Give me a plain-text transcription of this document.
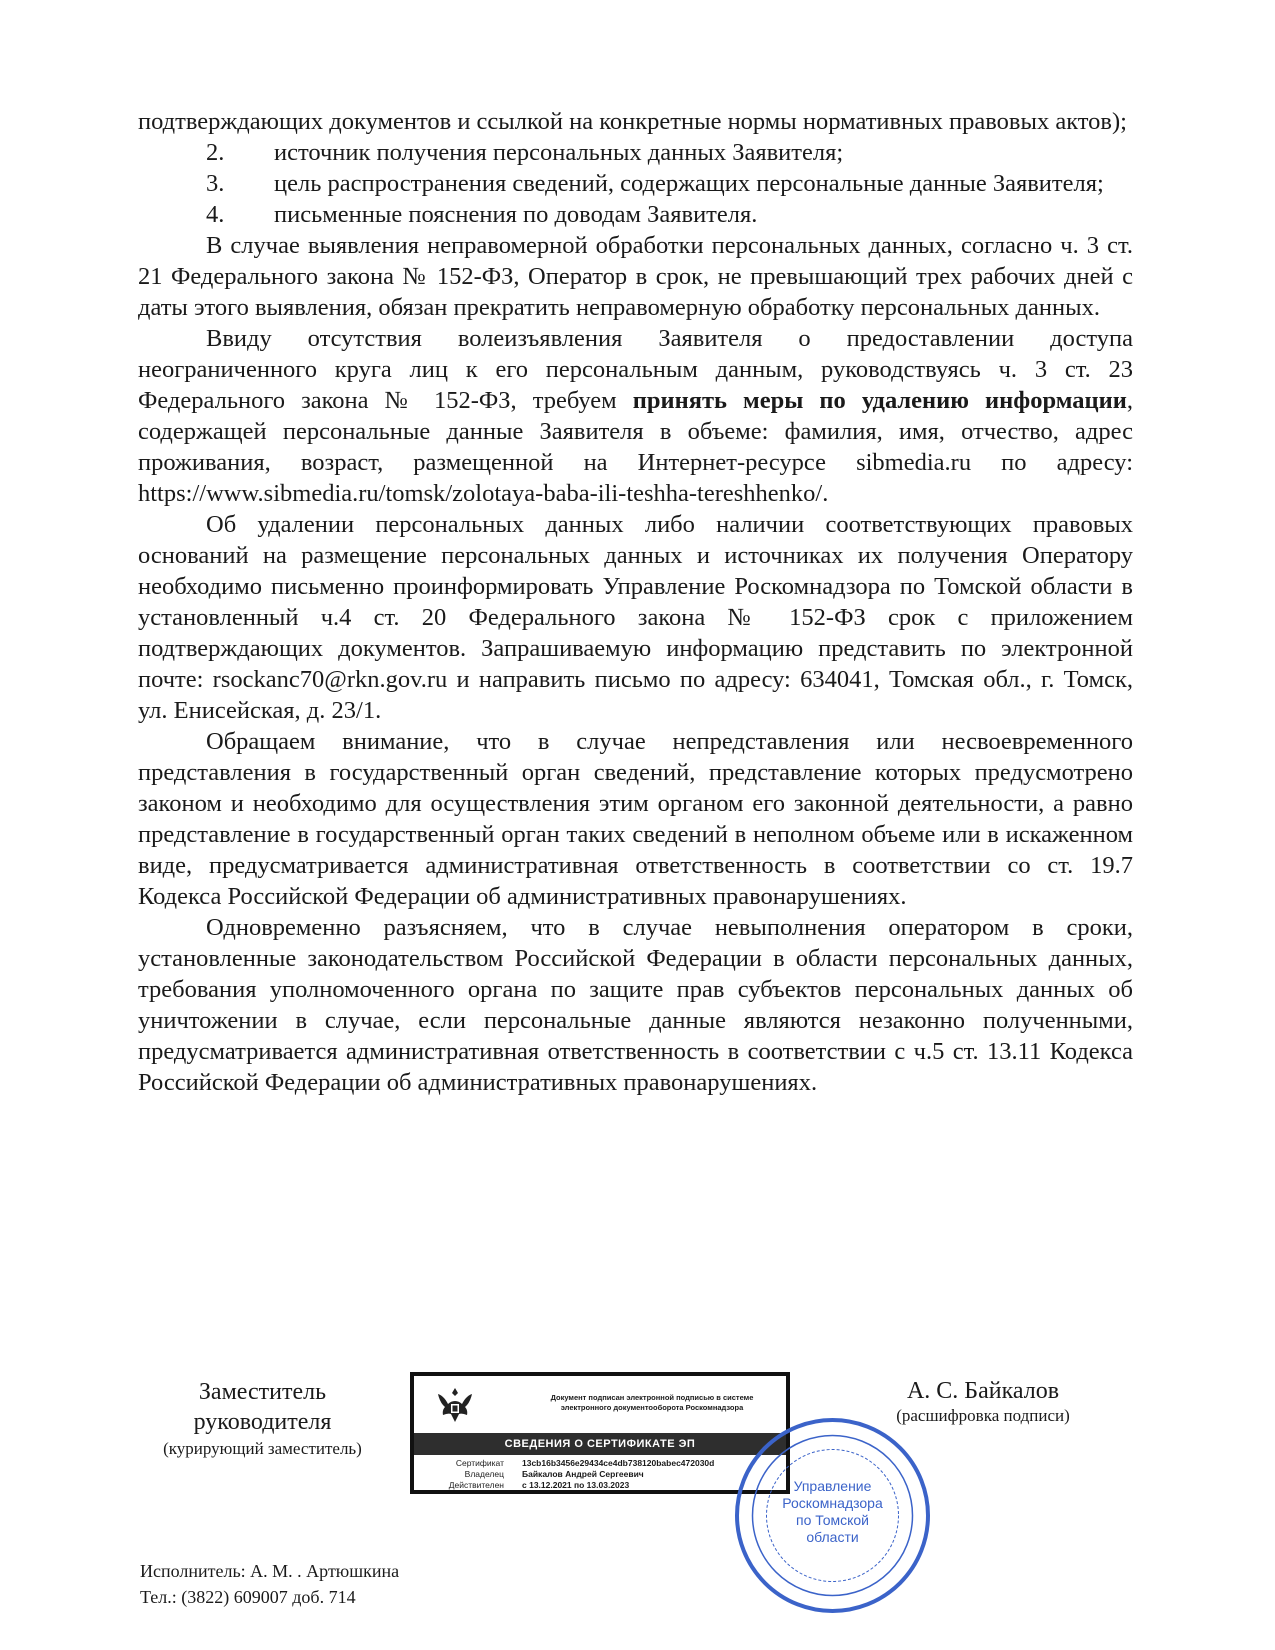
подтверждающих документов и ссылкой на конкретные нормы нормативных правовых актов);

2.	источник получения персональных данных Заявителя;
3.	цель распространения сведений, содержащих персональные данные Заявителя;
4.	письменные пояснения по доводам Заявителя.

В случае выявления неправомерной обработки персональных данных, согласно ч. 3 ст. 21 Федерального закона № 152-ФЗ, Оператор в срок, не превышающий трех рабочих дней с даты этого выявления, обязан прекратить неправомерную обработку персональных данных.

Ввиду отсутствия волеизъявления Заявителя о предоставлении доступа неограниченного круга лиц к его персональным данным, руководствуясь ч. 3 ст. 23 Федерального закона № 152-ФЗ, требуем принять меры по удалению информации, содержащей персональные данные Заявителя в объеме: фамилия, имя, отчество, адрес проживания, возраст, размещенной на Интернет-ресурсе sibmedia.ru по адресу: https://www.sibmedia.ru/tomsk/zolotaya-baba-ili-teshha-tereshhenko/.

Об удалении персональных данных либо наличии соответствующих правовых оснований на размещение персональных данных и источниках их получения Оператору необходимо письменно проинформировать Управление Роскомнадзора по Томской области в установленный ч.4 ст. 20 Федерального закона № 152-ФЗ срок с приложением подтверждающих документов. Запрашиваемую информацию представить по электронной почте: rsockanc70@rkn.gov.ru и направить письмо по адресу: 634041, Томская обл., г. Томск, ул. Енисейская, д. 23/1.

Обращаем внимание, что в случае непредставления или несвоевременного представления в государственный орган сведений, представление которых предусмотрено законом и необходимо для осуществления этим органом его законной деятельности, а равно представление в государственный орган таких сведений в неполном объеме или в искаженном виде, предусматривается административная ответственность в соответствии со ст. 19.7 Кодекса Российской Федерации об административных правонарушениях.

Одновременно разъясняем, что в случае невыполнения оператором в сроки, установленные законодательством Российской Федерации в области персональных данных, требования уполномоченного органа по защите прав субъектов персональных данных об уничтожении в случае, если персональные данные являются незаконно полученными, предусматривается административная ответственность в соответствии с ч.5 ст. 13.11 Кодекса Российской Федерации об административных правонарушениях.

Заместитель
руководителя
(курирующий заместитель)
Документ подписан электронной подписью в системе электронного документооборота Роскомнадзора
СВЕДЕНИЯ О СЕРТИФИКАТЕ ЭП
Сертификат	13cb16b3456e29434ce4db738120babec472030d
Владелец	Байкалов Андрей Сергеевич
Действителен	с 13.12.2021 по 13.03.2023	Управление
Роскомнадзора
по Томской
области
А. С. Байкалов
(расшифровка подписи)
Исполнитель: А. М. . Артюшкина
Тел.: (3822) 609007 доб. 714
